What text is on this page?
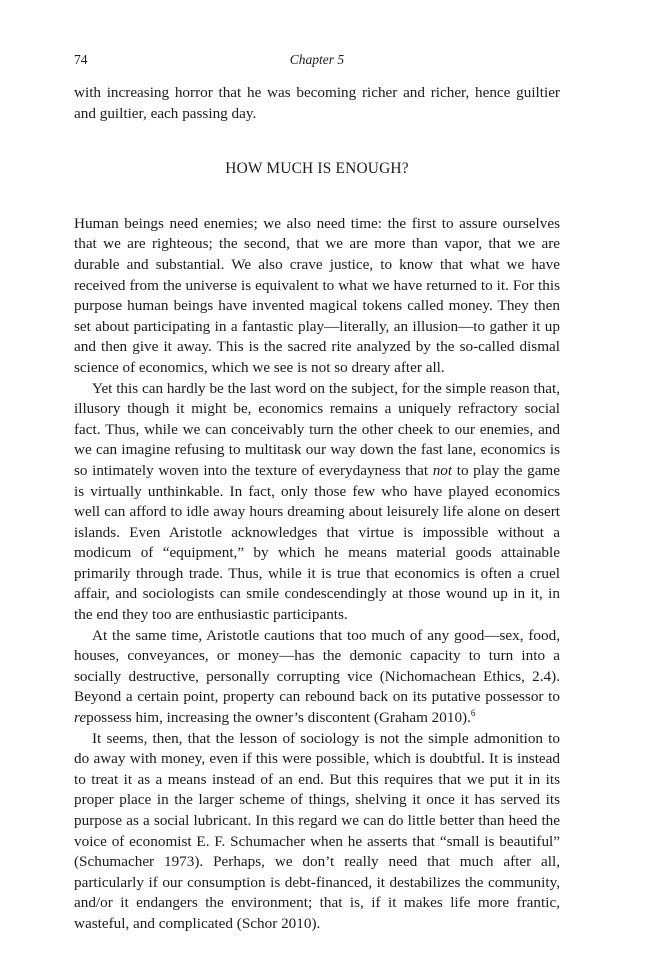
74	Chapter 5

with increasing horror that he was becoming richer and richer, hence guiltier and guiltier, each passing day.

HOW MUCH IS ENOUGH?

Human beings need enemies; we also need time: the first to assure ourselves that we are righteous; the second, that we are more than vapor, that we are durable and substantial. We also crave justice, to know that what we have received from the universe is equivalent to what we have returned to it. For this purpose human beings have invented magical tokens called money. They then set about participating in a fantastic play—literally, an illusion—to gather it up and then give it away. This is the sacred rite analyzed by the so-called dismal science of economics, which we see is not so dreary after all.

Yet this can hardly be the last word on the subject, for the simple reason that, illusory though it might be, economics remains a uniquely refractory social fact. Thus, while we can conceivably turn the other cheek to our enemies, and we can imagine refusing to multitask our way down the fast lane, economics is so intimately woven into the texture of everydayness that not to play the game is virtually unthinkable. In fact, only those few who have played economics well can afford to idle away hours dreaming about leisurely life alone on desert islands. Even Aristotle acknowledges that virtue is impossible without a modicum of “equipment,” by which he means material goods attainable primarily through trade. Thus, while it is true that economics is often a cruel affair, and sociologists can smile condescendingly at those wound up in it, in the end they too are enthusiastic participants.

At the same time, Aristotle cautions that too much of any good—sex, food, houses, conveyances, or money—has the demonic capacity to turn into a socially destructive, personally corrupting vice (Nichomachean Ethics, 2.4). Beyond a certain point, property can rebound back on its putative possessor to repossess him, increasing the owner’s discontent (Graham 2010).$^6$

It seems, then, that the lesson of sociology is not the simple admonition to do away with money, even if this were possible, which is doubtful. It is instead to treat it as a means instead of an end. But this requires that we put it in its proper place in the larger scheme of things, shelving it once it has served its purpose as a social lubricant. In this regard we can do little better than heed the voice of economist E. F. Schumacher when he asserts that “small is beautiful” (Schumacher 1973). Perhaps, we don’t really need that much after all, particularly if our consumption is debt-financed, it destabilizes the community, and/or it endangers the environment; that is, if it makes life more frantic, wasteful, and complicated (Schor 2010).
